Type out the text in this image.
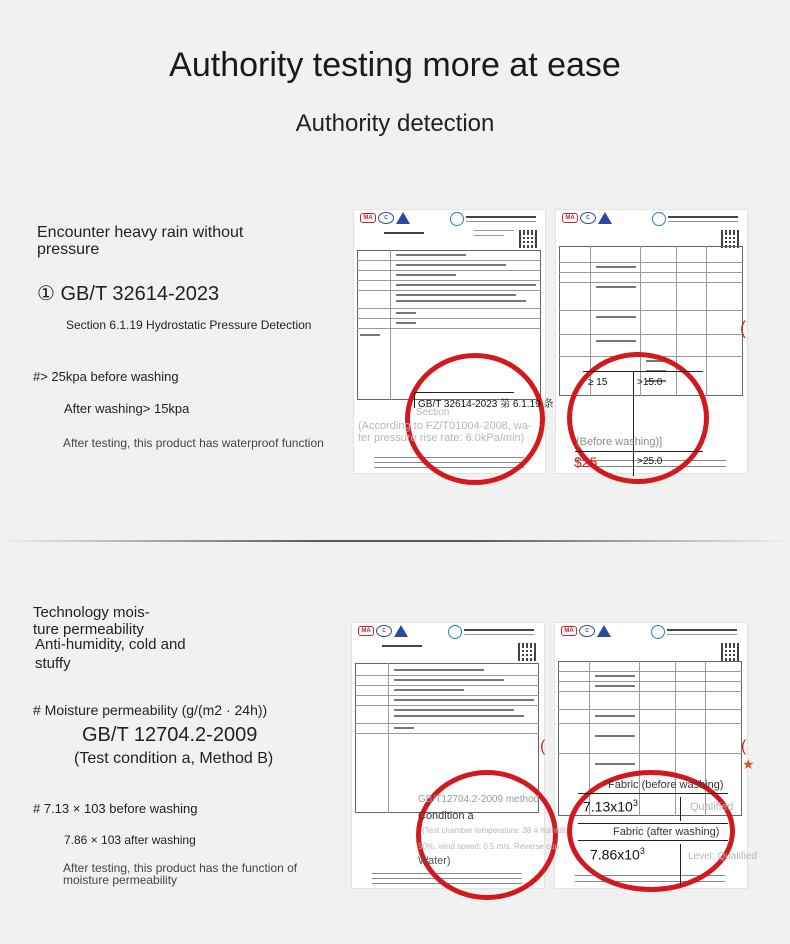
Authority testing more at ease
Authority detection
Encounter heavy rain without
pressure
① GB/T 32614-2023
Section 6.1.19 Hydrostatic Pressure Detection
#> 25kpa before washing
After washing> 15kpa
After testing, this product has waterproof function
MA	C	MA	C
(
GB/T 32614-2023 第 6.1.19 条
Section
(According to FZ/T01004-2008, wa-
ter pressure rise rate: 6.0kPa/min)
≥ 15	>15.0
(Before washing)]
$25	>25.0
Technology mois-
ture permeability
Anti-humidity, cold and
stuffy
# Moisture permeability (g/(m2 · 24h))
GB/T 12704.2-2009
(Test condition a, Method B)
# 7.13 × 103 before washing
7.86 × 103 after washing
After testing, this product has the function of
moisture permeability
MA	C	MA	C
(
★
(
GB/T12704.2-2009 method
Condition a
(Test chamber temperature: 38 # humidity
50%, wind speed: 0.5 m/s. Reverse cup
Water)
Fabric (before washing)
$7.13x10^3$	Qualified
Fabric (after washing)
$7.86x10^3$	Level: Qualified
